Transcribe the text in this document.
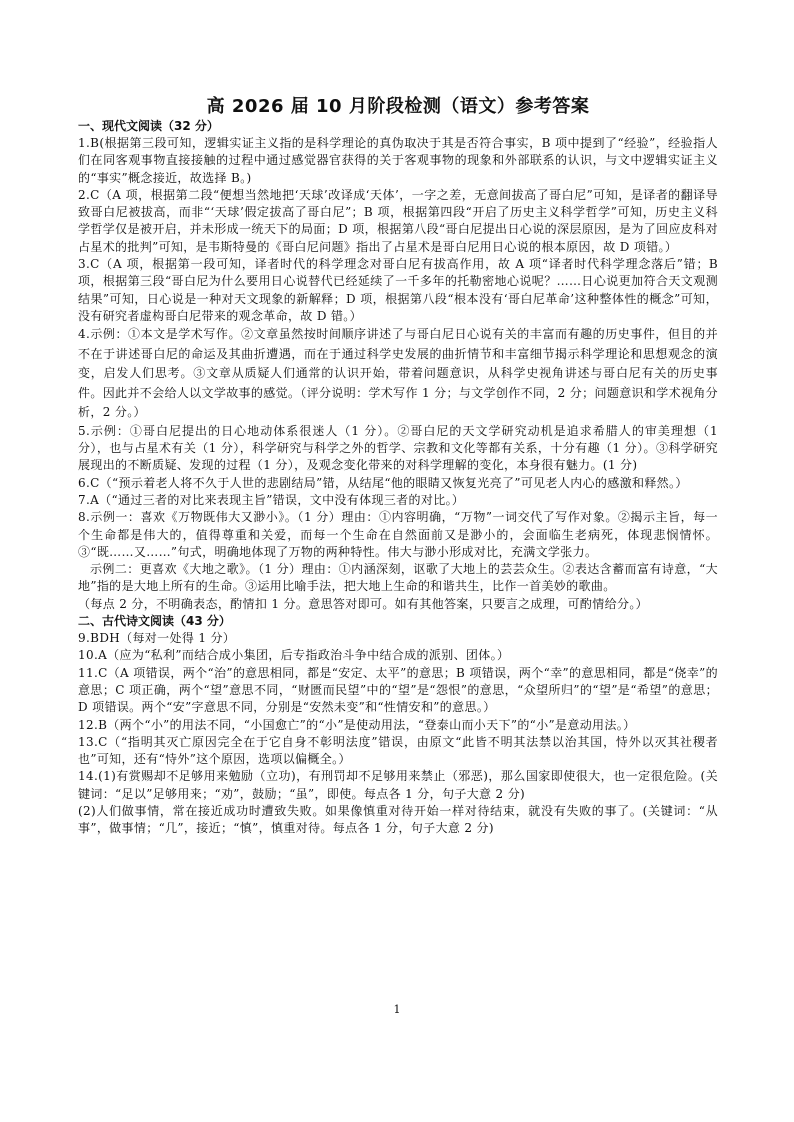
高 2026 届 10 月阶段检测（语文）参考答案
一、现代文阅读（32 分）

1.B(根据第三段可知，逻辑实证主义指的是科学理论的真伪取决于其是否符合事实，B 项中提到了“经验”，经验指人们在同客观事物直接接触的过程中通过感觉器官获得的关于客观事物的现象和外部联系的认识，与文中逻辑实证主义的“事实”概念接近，故选择 B。)

2.C（A 项，根据第二段“便想当然地把‘天球’改译成‘天体’，一字之差，无意间拔高了哥白尼”可知，是译者的翻译导致哥白尼被拔高，而非“‘天球’假定拔高了哥白尼”；B 项，根据第四段“开启了历史主义科学哲学”可知，历史主义科学哲学仅是被开启，并未形成一统天下的局面；D 项，根据第八段“哥白尼提出日心说的深层原因，是为了回应皮科对占星术的批判”可知，是韦斯特曼的《哥白尼问题》指出了占星术是哥白尼用日心说的根本原因，故 D 项错。）

3.C（A 项，根据第一段可知，译者时代的科学理念对哥白尼有拔高作用，故 A 项“译者时代科学理念落后”错；B 项，根据第三段“哥白尼为什么要用日心说替代已经延续了一千多年的托勒密地心说呢？……日心说更加符合天文观测结果”可知，日心说是一种对天文现象的新解释；D 项，根据第八段“根本没有‘哥白尼革命’这种整体性的概念”可知，没有研究者虚构哥白尼带来的观念革命，故 D 错。）

4.示例：①本文是学术写作。②文章虽然按时间顺序讲述了与哥白尼日心说有关的丰富而有趣的历史事件，但目的并不在于讲述哥白尼的命运及其曲折遭遇，而在于通过科学史发展的曲折情节和丰富细节揭示科学理论和思想观念的演变，启发人们思考。③文章从质疑人们通常的认识开始，带着问题意识，从科学史视角讲述与哥白尼有关的历史事件。因此并不会给人以文学故事的感觉。（评分说明：学术写作 1 分；与文学创作不同，2 分；问题意识和学术视角分析，2 分。）

5.示例：①哥白尼提出的日心地动体系很迷人（1 分）。②哥白尼的天文学研究动机是追求希腊人的审美理想（1 分），也与占星术有关（1 分），科学研究与科学之外的哲学、宗教和文化等都有关系，十分有趣（1 分）。③科学研究展现出的不断质疑、发现的过程（1 分），及观念变化带来的对科学理解的变化，本身很有魅力。(1 分)

6.C（“预示着老人将不久于人世的悲剧结局”错，从结尾“他的眼睛又恢复光亮了”可见老人内心的感激和释然。）

7.A（“通过三者的对比来表现主旨”错误，文中没有体现三者的对比。）

8.示例一：喜欢《万物既伟大又渺小》。（1 分）理由：①内容明确，“万物”一词交代了写作对象。②揭示主旨，每一个生命都是伟大的，值得尊重和关爱，而每一个生命在自然面前又是渺小的，会面临生老病死，体现悲悯情怀。③“既……又……”句式，明确地体现了万物的两种特性。伟大与渺小形成对比，充满文学张力。

示例二：更喜欢《大地之歌》。（1 分）理由：①内涵深刻，讴歌了大地上的芸芸众生。②表达含蓄而富有诗意，“大地”指的是大地上所有的生命。③运用比喻手法，把大地上生命的和谐共生，比作一首美妙的歌曲。

（每点 2 分，不明确表态，酌情扣 1 分。意思答对即可。如有其他答案，只要言之成理，可酌情给分。）

二、古代诗文阅读（43 分）

9.BDH（每对一处得 1 分）

10.A（应为“私利”而结合成小集团，后专指政治斗争中结合成的派别、团体。）

11.C（A 项错误，两个“治”的意思相同，都是“安定、太平”的意思；B 项错误，两个“幸”的意思相同，都是“侥幸”的意思；C 项正确，两个“望”意思不同，“财匮而民望”中的“望”是“怨恨”的意思，“众望所归”的“望”是“希望”的意思；D 项错误。两个“安”字意思不同，分别是“安然未变”和“性情安和”的意思。）

12.B（两个“小”的用法不同，“小国愈亡”的“小”是使动用法，“登泰山而小天下”的“小”是意动用法。）

13.C（“指明其灭亡原因完全在于它自身不彰明法度”错误，由原文“此皆不明其法禁以治其国，恃外以灭其社稷者也”可知，还有“恃外”这个原因，选项以偏概全。）

14.(1)有赏赐却不足够用来勉励（立功)，有刑罚却不足够用来禁止（邪恶)，那么国家即使很大，也一定很危险。(关键词：“足以”足够用来；“劝”，鼓励；“虽”，即使。每点各 1 分，句子大意 2 分)

(2)人们做事情，常在接近成功时遭致失败。如果像慎重对待开始一样对待结束，就没有失败的事了。(关键词：“从事”，做事情；“几”，接近；“慎”，慎重对待。每点各 1 分，句子大意 2 分)

1
